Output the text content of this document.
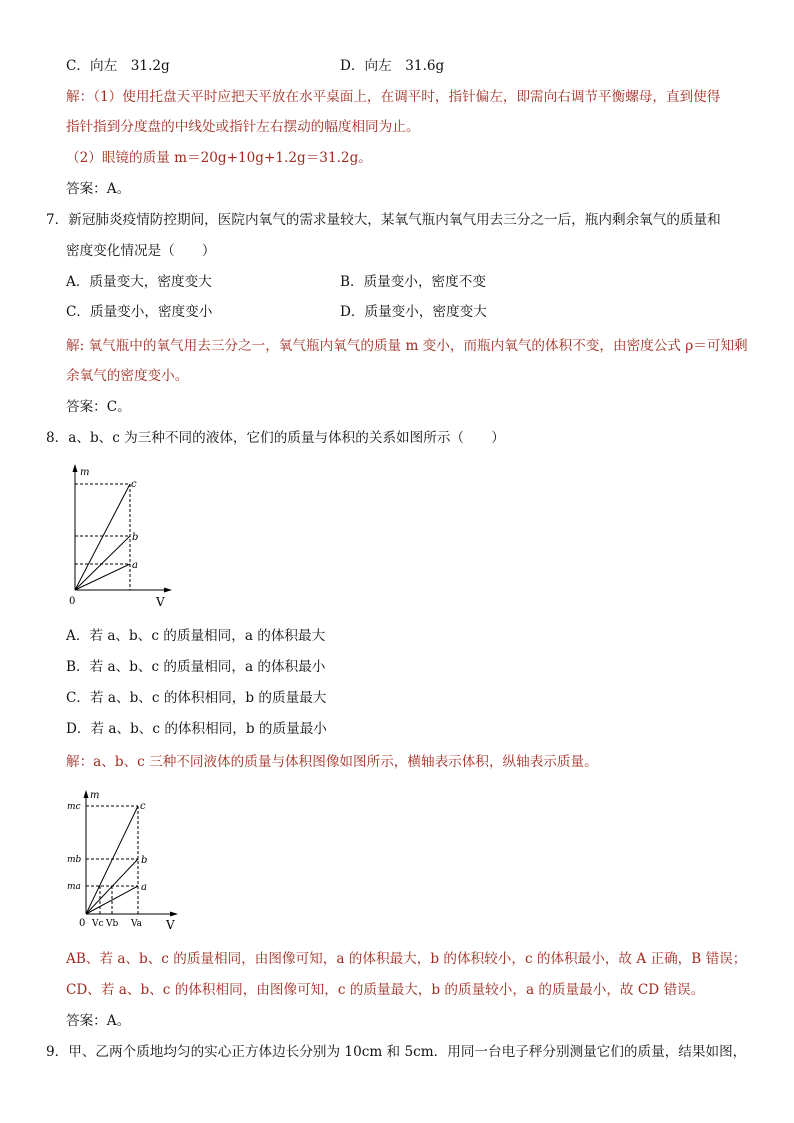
C．向左　31.2g	D．向左　31.6g
解：（1）使用托盘天平时应把天平放在水平桌面上，在调平时，指针偏左，即需向右调节平衡螺母，直到使得
指针指到分度盘的中线处或指针左右摆动的幅度相同为止。
（2）眼镜的质量 m＝20g+10g+1.2g＝31.2g。
答案：A。
7．新冠肺炎疫情防控期间，医院内氧气的需求量较大，某氧气瓶内氧气用去三分之一后，瓶内剩余氧气的质量和
密度变化情况是（　　）
A．质量变大，密度变大	B．质量变小，密度不变
C．质量变小，密度变小	D．质量变小，密度变大
解: 氧气瓶中的氧气用去三分之一，氧气瓶内氧气的质量 m 变小，而瓶内氧气的体积不变，由密度公式 ρ＝可知剩
余氧气的密度变小。
答案：C。
8．a、b、c 为三种不同的液体，它们的质量与体积的关系如图所示（　　）
m
V
0
c
b
a
A．若 a、b、c 的质量相同，a 的体积最大
B．若 a、b、c 的质量相同，a 的体积最小
C．若 a、b、c 的体积相同，b 的质量最大
D．若 a、b、c 的体积相同，b 的质量最小
解：a、b、c 三种不同液体的质量与体积图像如图所示，横轴表示体积，纵轴表示质量。
m
V
0
c
b
a
mc
mb
ma
Vc Vb Va
AB、若 a、b、c 的质量相同，由图像可知，a 的体积最大，b 的体积较小，c 的体积最小，故 A 正确，B 错误；
CD、若 a、b、c 的体积相同，由图像可知，c 的质量最大，b 的质量较小，a 的质量最小，故 CD 错误。
答案：A。
9．甲、乙两个质地均匀的实心正方体边长分别为 10cm 和 5cm．用同一台电子秤分别测量它们的质量，结果如图，
